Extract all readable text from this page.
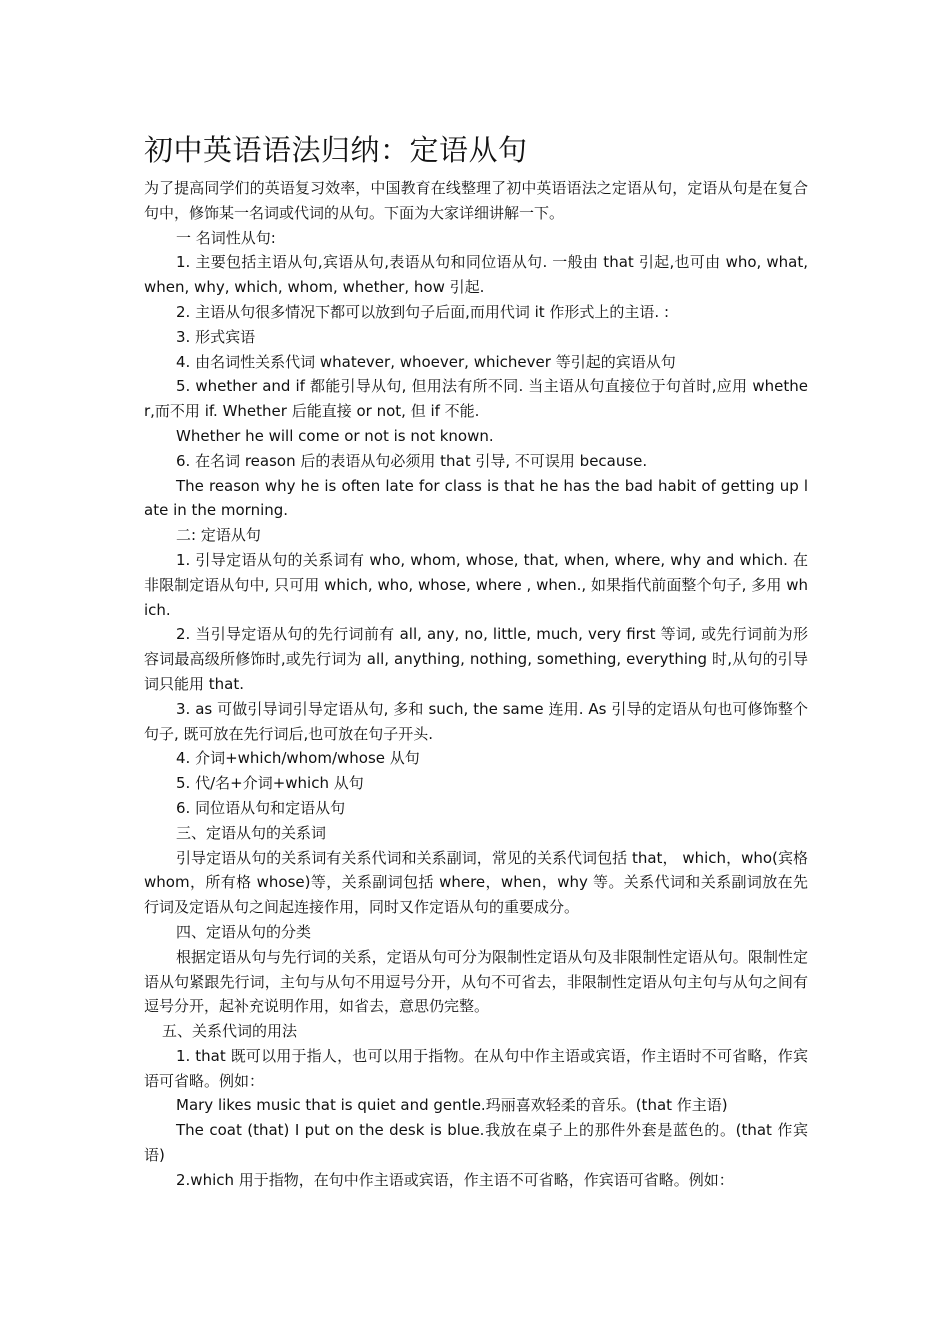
初中英语语法归纳：定语从句

为了提高同学们的英语复习效率，中国教育在线整理了初中英语语法之定语从句，定语从句是在复合句中，修饰某一名词或代词的从句。下面为大家详细讲解一下。

一 名词性从句:

1. 主要包括主语从句,宾语从句,表语从句和同位语从句. 一般由 that 引起,也可由 who, what, when, why, which, whom, whether, how 引起.

2. 主语从句很多情况下都可以放到句子后面,而用代词 it 作形式上的主语. :

3. 形式宾语

4. 由名词性关系代词 whatever, whoever, whichever 等引起的宾语从句

5. whether and if 都能引导从句, 但用法有所不同. 当主语从句直接位于句首时,应用 whether,而不用 if. Whether 后能直接 or not, 但 if 不能.

Whether he will come or not is not known.

6. 在名词 reason 后的表语从句必须用 that 引导, 不可误用 because.

The reason why he is often late for class is that he has the bad habit of getting up late in the morning.

二: 定语从句

1. 引导定语从句的关系词有 who, whom, whose, that, when, where, why and which. 在非限制定语从句中, 只可用 which, who, whose, where , when., 如果指代前面整个句子, 多用 which.

2. 当引导定语从句的先行词前有 all, any, no, little, much, very first 等词, 或先行词前为形容词最高级所修饰时,或先行词为 all, anything, nothing, something, everything 时,从句的引导词只能用 that.

3. as 可做引导词引导定语从句, 多和 such, the same 连用. As 引导的定语从句也可修饰整个句子, 既可放在先行词后,也可放在句子开头.

4. 介词+which/whom/whose 从句

5. 代/名+介词+which 从句

6. 同位语从句和定语从句

三、定语从句的关系词

引导定语从句的关系词有关系代词和关系副词，常见的关系代词包括 that， which，who(宾格 whom，所有格 whose)等，关系副词包括 where，when，why 等。关系代词和关系副词放在先行词及定语从句之间起连接作用，同时又作定语从句的重要成分。

四、定语从句的分类

根据定语从句与先行词的关系，定语从句可分为限制性定语从句及非限制性定语从句。限制性定语从句紧跟先行词，主句与从句不用逗号分开，从句不可省去，非限制性定语从句主句与从句之间有逗号分开，起补充说明作用，如省去，意思仍完整。

五、关系代词的用法

1. that 既可以用于指人，也可以用于指物。在从句中作主语或宾语，作主语时不可省略，作宾语可省略。例如：

Mary likes music that is quiet and gentle.玛丽喜欢轻柔的音乐。(that 作主语)

The coat (that) I put on the desk is blue.我放在桌子上的那件外套是蓝色的。(that 作宾语)

2.which 用于指物，在句中作主语或宾语，作主语不可省略，作宾语可省略。例如：
